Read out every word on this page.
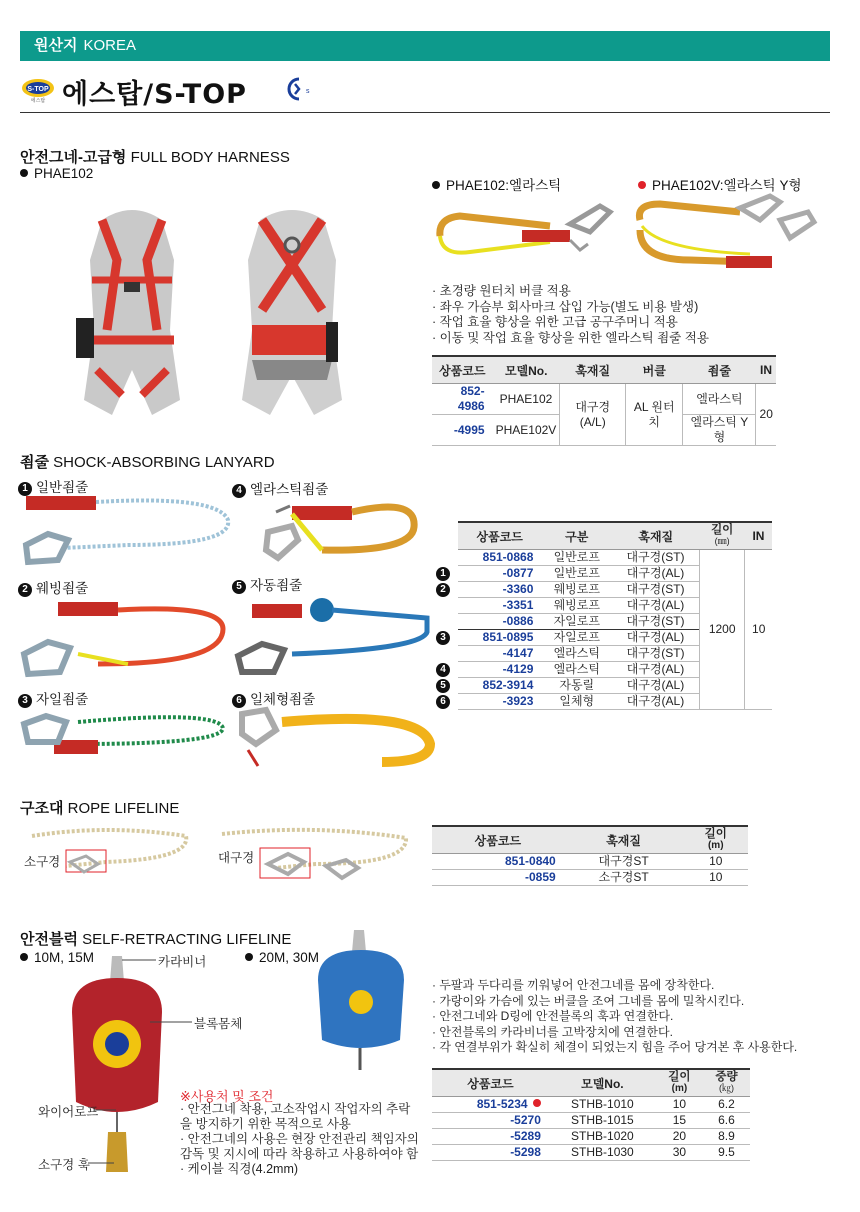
원산지 KOREA
S-TOP
에스탑 에스탑/S-TOP	s
안전그네-고급형 FULL BODY HARNESS
PHAE102
PHAE102:엘라스틱	PHAE102V:엘라스틱 Y형
· 초경량 원터치 버클 적용
· 좌우 가슴부 회사마크 삽입 가능(별도 비용 발생)
· 작업 효율 향상을 위한 고급 공구주머니 적용
· 이동 및 작업 효율 향상을 위한 엘라스틱 죔줄 적용
상품코드	모델No.	훅재질	버클	죔줄	IN
852-4986	PHAE102	대구경(A/L)	AL 원터치	엘라스틱	20
-4995	PHAE102V			엘라스틱 Y형	
죔줄 SHOCK-ABSORBING LANYARD
1 일반죔줄	4 엘라스틱죔줄
2 웨빙죔줄	5 자동죔줄
3 자일죔줄	6 일체형죔줄
	상품코드	구분	훅재질	길이
(㎜)	IN
	851-0868	일반로프	대구경(ST)	1200	10
1	-0877	일반로프	대구경(AL)		
2	-3360	웨빙로프	대구경(ST)		
	-3351	웨빙로프	대구경(AL)		
	-0886	자일로프	대구경(ST)		
3	851-0895	자일로프	대구경(AL)		
	-4147	엘라스틱	대구경(ST)		
4	-4129	엘라스틱	대구경(AL)		
5	852-3914	자동릴	대구경(AL)		
6	-3923	일체형	대구경(AL)		
구조대 ROPE LIFELINE
소구경	대구경
상품코드	훅재질	길이
(m)
851-0840	대구경ST	10
-0859	소구경ST	10
안전블럭 SELF-RETRACTING LIFELINE
10M, 15M	20M, 30M
카라비너
블록몸체
와이어로프
소구경 훅
※사용처 및 조건
· 안전그네 착용, 고소작업시 작업자의 추락을 방지하기 위한 목적으로 사용
· 안전그네의 사용은 현장 안전관리 책임자의 감독 및 지시에 따라 착용하고 사용하여야 함
· 케이블 직경(4.2mm)
· 두팔과 두다리를 끼워넣어 안전그네를 몸에 장착한다.
· 가랑이와 가슴에 있는 버클을 조여 그네를 몸에 밀착시킨다.
· 안전그네와 D링에 안전블록의 훅과 연결한다.
· 안전블록의 카라비너를 고박장치에 연결한다.
· 각 연결부위가 확실히 체결이 되었는지 힘을 주어 당겨본 후 사용한다.
상품코드	모델No.	길이
(m)	중량
(㎏)
851-5234	STHB-1010	10	6.2
-5270	STHB-1015	15	6.6
-5289	STHB-1020	20	8.9
-5298	STHB-1030	30	9.5
